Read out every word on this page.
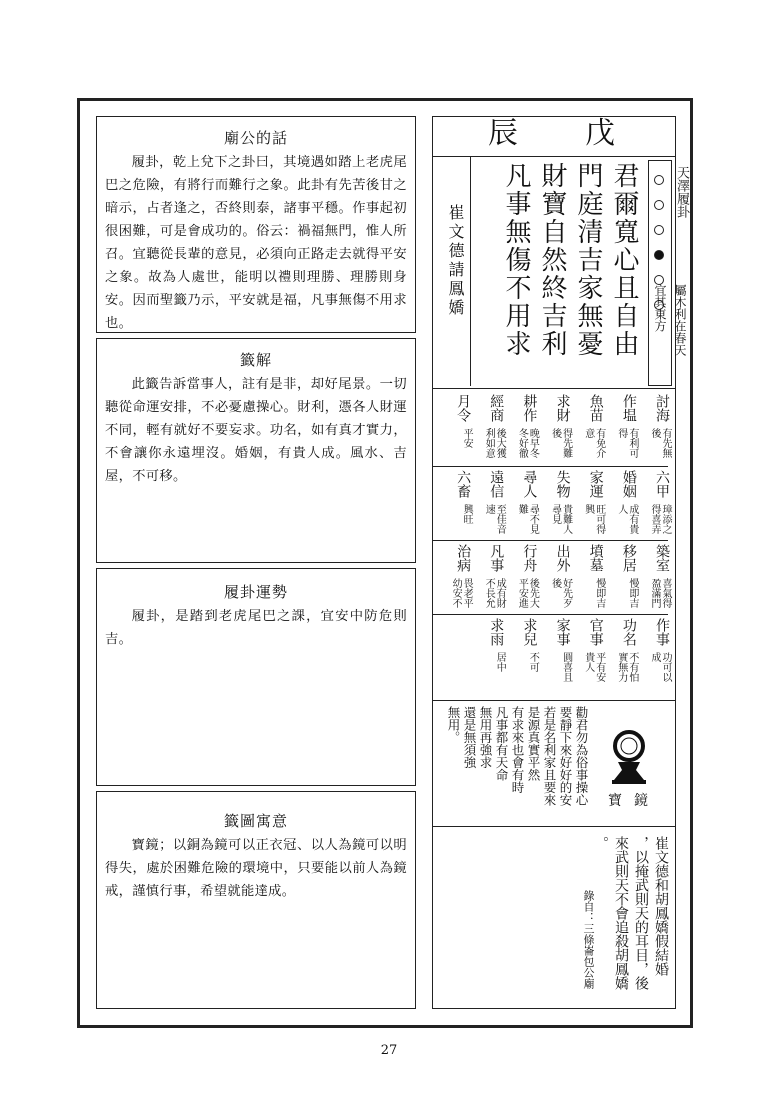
廟公的話
履卦，乾上兌下之卦曰，其境遇如踏上老虎尾巴之危險，有將行而難行之象。此卦有先苦後甘之暗示，占者逢之，否終則泰，諸事平穩。作事起初很困難，可是會成功的。俗云：禍福無門，惟人所召。宜聽從長輩的意見，必須向正路走去就得平安之象。故為人處世，能明以禮則理勝、理勝則身安。因而聖籤乃示，平安就是福，凡事無傷不用求也。
籤解
此籤告訴當事人，註有是非，却好尾景。一切聽從命運安排，不必憂慮操心。財利，憑各人財運不同，輕有就好不要妄求。功名，如有真才實力，不會讓你永遠埋沒。婚姻，有貴人成。風水、吉屋，不可移。
履卦運勢
履卦，是踏到老虎尾巴之課，宜安中防危則吉。
籤圖寓意
寶鏡；以銅為鏡可以正衣冠、以人為鏡可以明得失，處於困難危險的環境中，只要能以前人為鏡戒，謹慎行事，希望就能達成。
辰 戊
崔文德請鳳嬌 凡事無傷不用求 財寶自然終吉利 門庭清吉家無憂 君爾寬心且自由	天澤履卦
屬木利在春天
宜其東方
討海
有先無後
作塭
有利可得
魚苗
有免介意
求財
得先難後
耕作
晚早冬冬好徹
經商
後大獲利如意
月令
平安
六甲
璋添之得喜弄
婚姻
成有貴人
家運
旺可得興
失物
貴難人尋見
尋人
尋不見難
遠信
至佳音速
六畜
興旺
築室
喜氣得盈滿門
移居
慢即吉
墳墓
慢即吉
出外
好先歹後
行舟
後先大平安進
凡事
成有財不長允
治病
畏老平幼安不
作事
功可以成
功名
不有怕實無力
官事
平有安貴人
家事
圓喜且
求兒
不可
求雨
居中
勸君勿為俗事操心
要靜下來好好的安
若是名利家且要來
是源真實平然
有求來也會有時
凡事都有天命
無用再強求
還是無須強
無用。
寶鏡
崔文德和胡鳳嬌假結婚
，以掩武則天的耳目，後
來武則天不會追殺胡鳳嬌
。
錄自：三條崙包公廟
27
